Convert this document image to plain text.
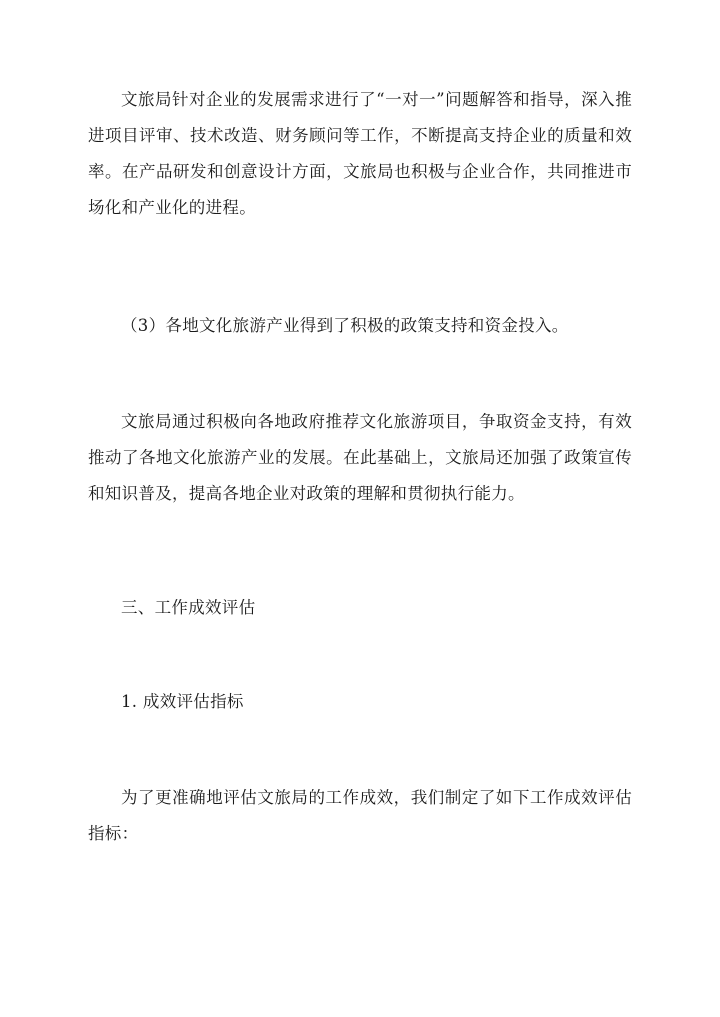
文旅局针对企业的发展需求进行了“一对一”问题解答和指导，深入推进项目评审、技术改造、财务顾问等工作，不断提高支持企业的质量和效率。在产品研发和创意设计方面，文旅局也积极与企业合作，共同推进市场化和产业化的进程。

（3）各地文化旅游产业得到了积极的政策支持和资金投入。

文旅局通过积极向各地政府推荐文化旅游项目，争取资金支持，有效推动了各地文化旅游产业的发展。在此基础上，文旅局还加强了政策宣传和知识普及，提高各地企业对政策的理解和贯彻执行能力。

三、工作成效评估

1. 成效评估指标

为了更准确地评估文旅局的工作成效，我们制定了如下工作成效评估指标：
